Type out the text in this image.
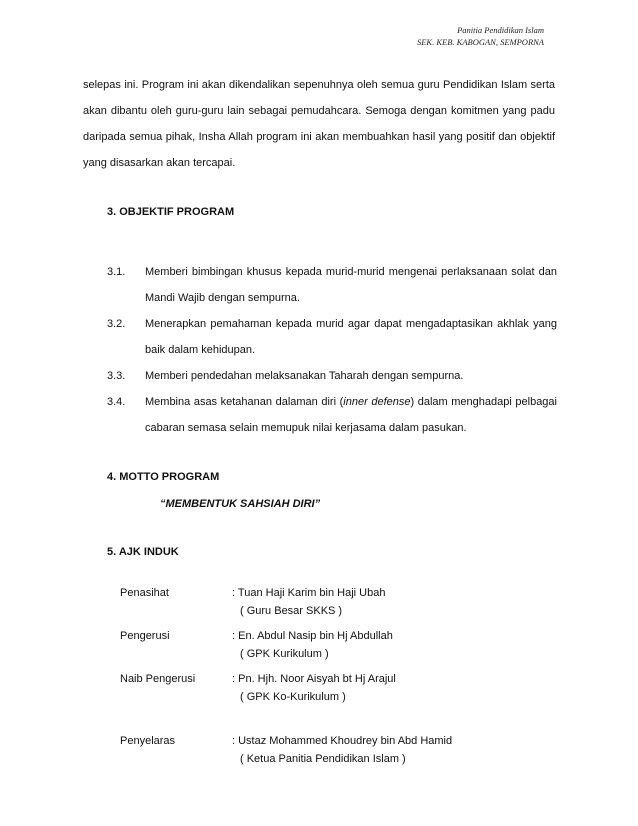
Panitia Pendidikan Islam
SEK. KEB. KABOGAN, SEMPORNA
selepas ini. Program ini akan dikendalikan sepenuhnya oleh semua guru Pendidikan Islam serta akan dibantu oleh guru-guru lain sebagai pemudahcara. Semoga dengan komitmen yang padu daripada semua pihak, Insha Allah program ini akan membuahkan hasil yang positif dan objektif yang disasarkan akan tercapai.
3. OBJEKTIF PROGRAM
3.1.	Memberi bimbingan khusus kepada murid-murid mengenai perlaksanaan solat dan Mandi Wajib dengan sempurna.
3.2.	Menerapkan pemahaman kepada murid agar dapat mengadaptasikan akhlak yang baik dalam kehidupan.
3.3.	Memberi pendedahan melaksanakan Taharah dengan sempurna.
3.4.	Membina asas ketahanan dalaman diri (inner defense) dalam menghadapi pelbagai cabaran semasa selain memupuk nilai kerjasama dalam pasukan.
4. MOTTO PROGRAM
“MEMBENTUK SAHSIAH DIRI”
5. AJK INDUK
Penasihat	: Tuan Haji Karim bin Haji Ubah
( Guru Besar SKKS )
Pengerusi	: En. Abdul Nasip bin Hj Abdullah
( GPK Kurikulum )
Naib Pengerusi	: Pn. Hjh. Noor Aisyah bt Hj Arajul
( GPK Ko-Kurikulum )
Penyelaras	: Ustaz Mohammed Khoudrey bin Abd Hamid
( Ketua Panitia Pendidikan Islam )
